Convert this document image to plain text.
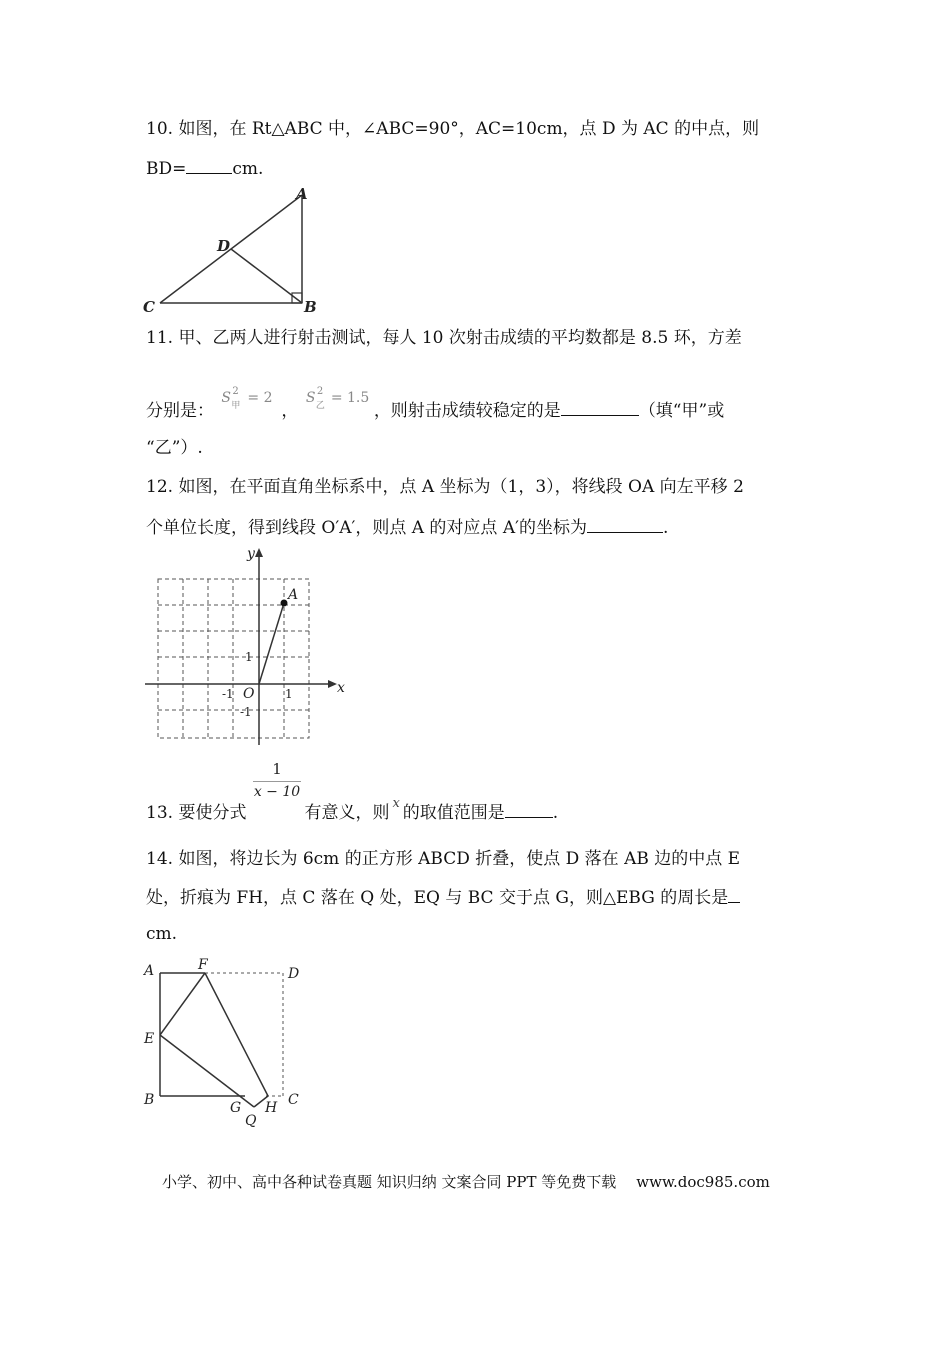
10. 如图，在 Rt△ABC 中，∠ABC=90°，AC=10cm，点 D 为 AC 的中点，则
BD=	cm.
A
B
C
D
11. 甲、乙两人进行射击测试，每人 10 次射击成绩的平均数都是 8.5 环，方差
分别是：
S 2
甲 = 2
，
S 2
乙 = 1.5
，则射击成绩较稳定的是	（填“甲”或
“乙”）.
12. 如图，在平面直角坐标系中，点 A 坐标为（1，3），将线段 OA 向左平移 2
个单位长度，得到线段 O′A′，则点 A 的对应点 A′的坐标为	.
y
x
A
O
1
1
-1
-1
$\frac{1}{x - 10}$
13. 要使分式	有意义，则 $^x$ 的取值范围是	.
14. 如图，将边长为 6cm 的正方形 ABCD 折叠，使点 D 落在 AB 边的中点 E
处，折痕为 FH，点 C 落在 Q 处，EQ 与 BC 交于点 G，则△EBG 的周长是
cm.
A	F
D
E
B	G H C
Q
小学、初中、高中各种试卷真题 知识归纳 文案合同 PPT 等免费下载 www.doc985.com
